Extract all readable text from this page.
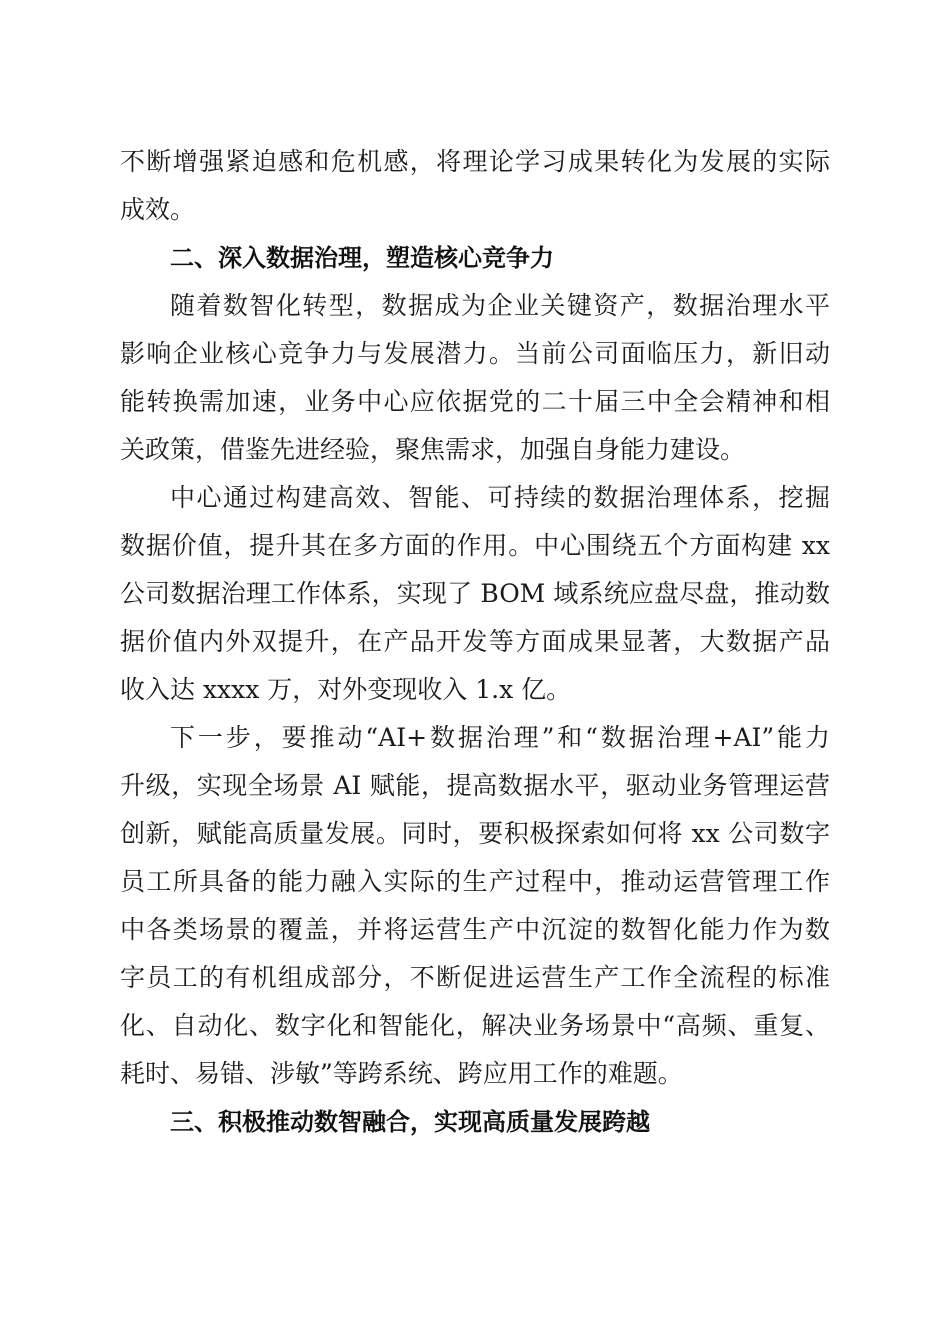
不断增强紧迫感和危机感，将理论学习成果转化为发展的实际
成效。
二、深入数据治理，塑造核心竞争力
随着数智化转型，数据成为企业关键资产，数据治理水平
影响企业核心竞争力与发展潜力。当前公司面临压力，新旧动
能转换需加速，业务中心应依据党的二十届三中全会精神和相
关政策，借鉴先进经验，聚焦需求，加强自身能力建设。
中心通过构建高效、智能、可持续的数据治理体系，挖掘
数据价值，提升其在多方面的作用。中心围绕五个方面构建 xx
公司数据治理工作体系，实现了 BOM 域系统应盘尽盘，推动数
据价值内外双提升，在产品开发等方面成果显著，大数据产品
收入达 xxxx 万，对外变现收入 1.x 亿。
下一步，要推动“AI+数据治理”和“数据治理+AI”能力
升级，实现全场景 AI 赋能，提高数据水平，驱动业务管理运营
创新，赋能高质量发展。同时，要积极探索如何将 xx 公司数字
员工所具备的能力融入实际的生产过程中，推动运营管理工作
中各类场景的覆盖，并将运营生产中沉淀的数智化能力作为数
字员工的有机组成部分，不断促进运营生产工作全流程的标准
化、自动化、数字化和智能化，解决业务场景中“高频、重复、
耗时、易错、涉敏”等跨系统、跨应用工作的难题。
三、积极推动数智融合，实现高质量发展跨越
